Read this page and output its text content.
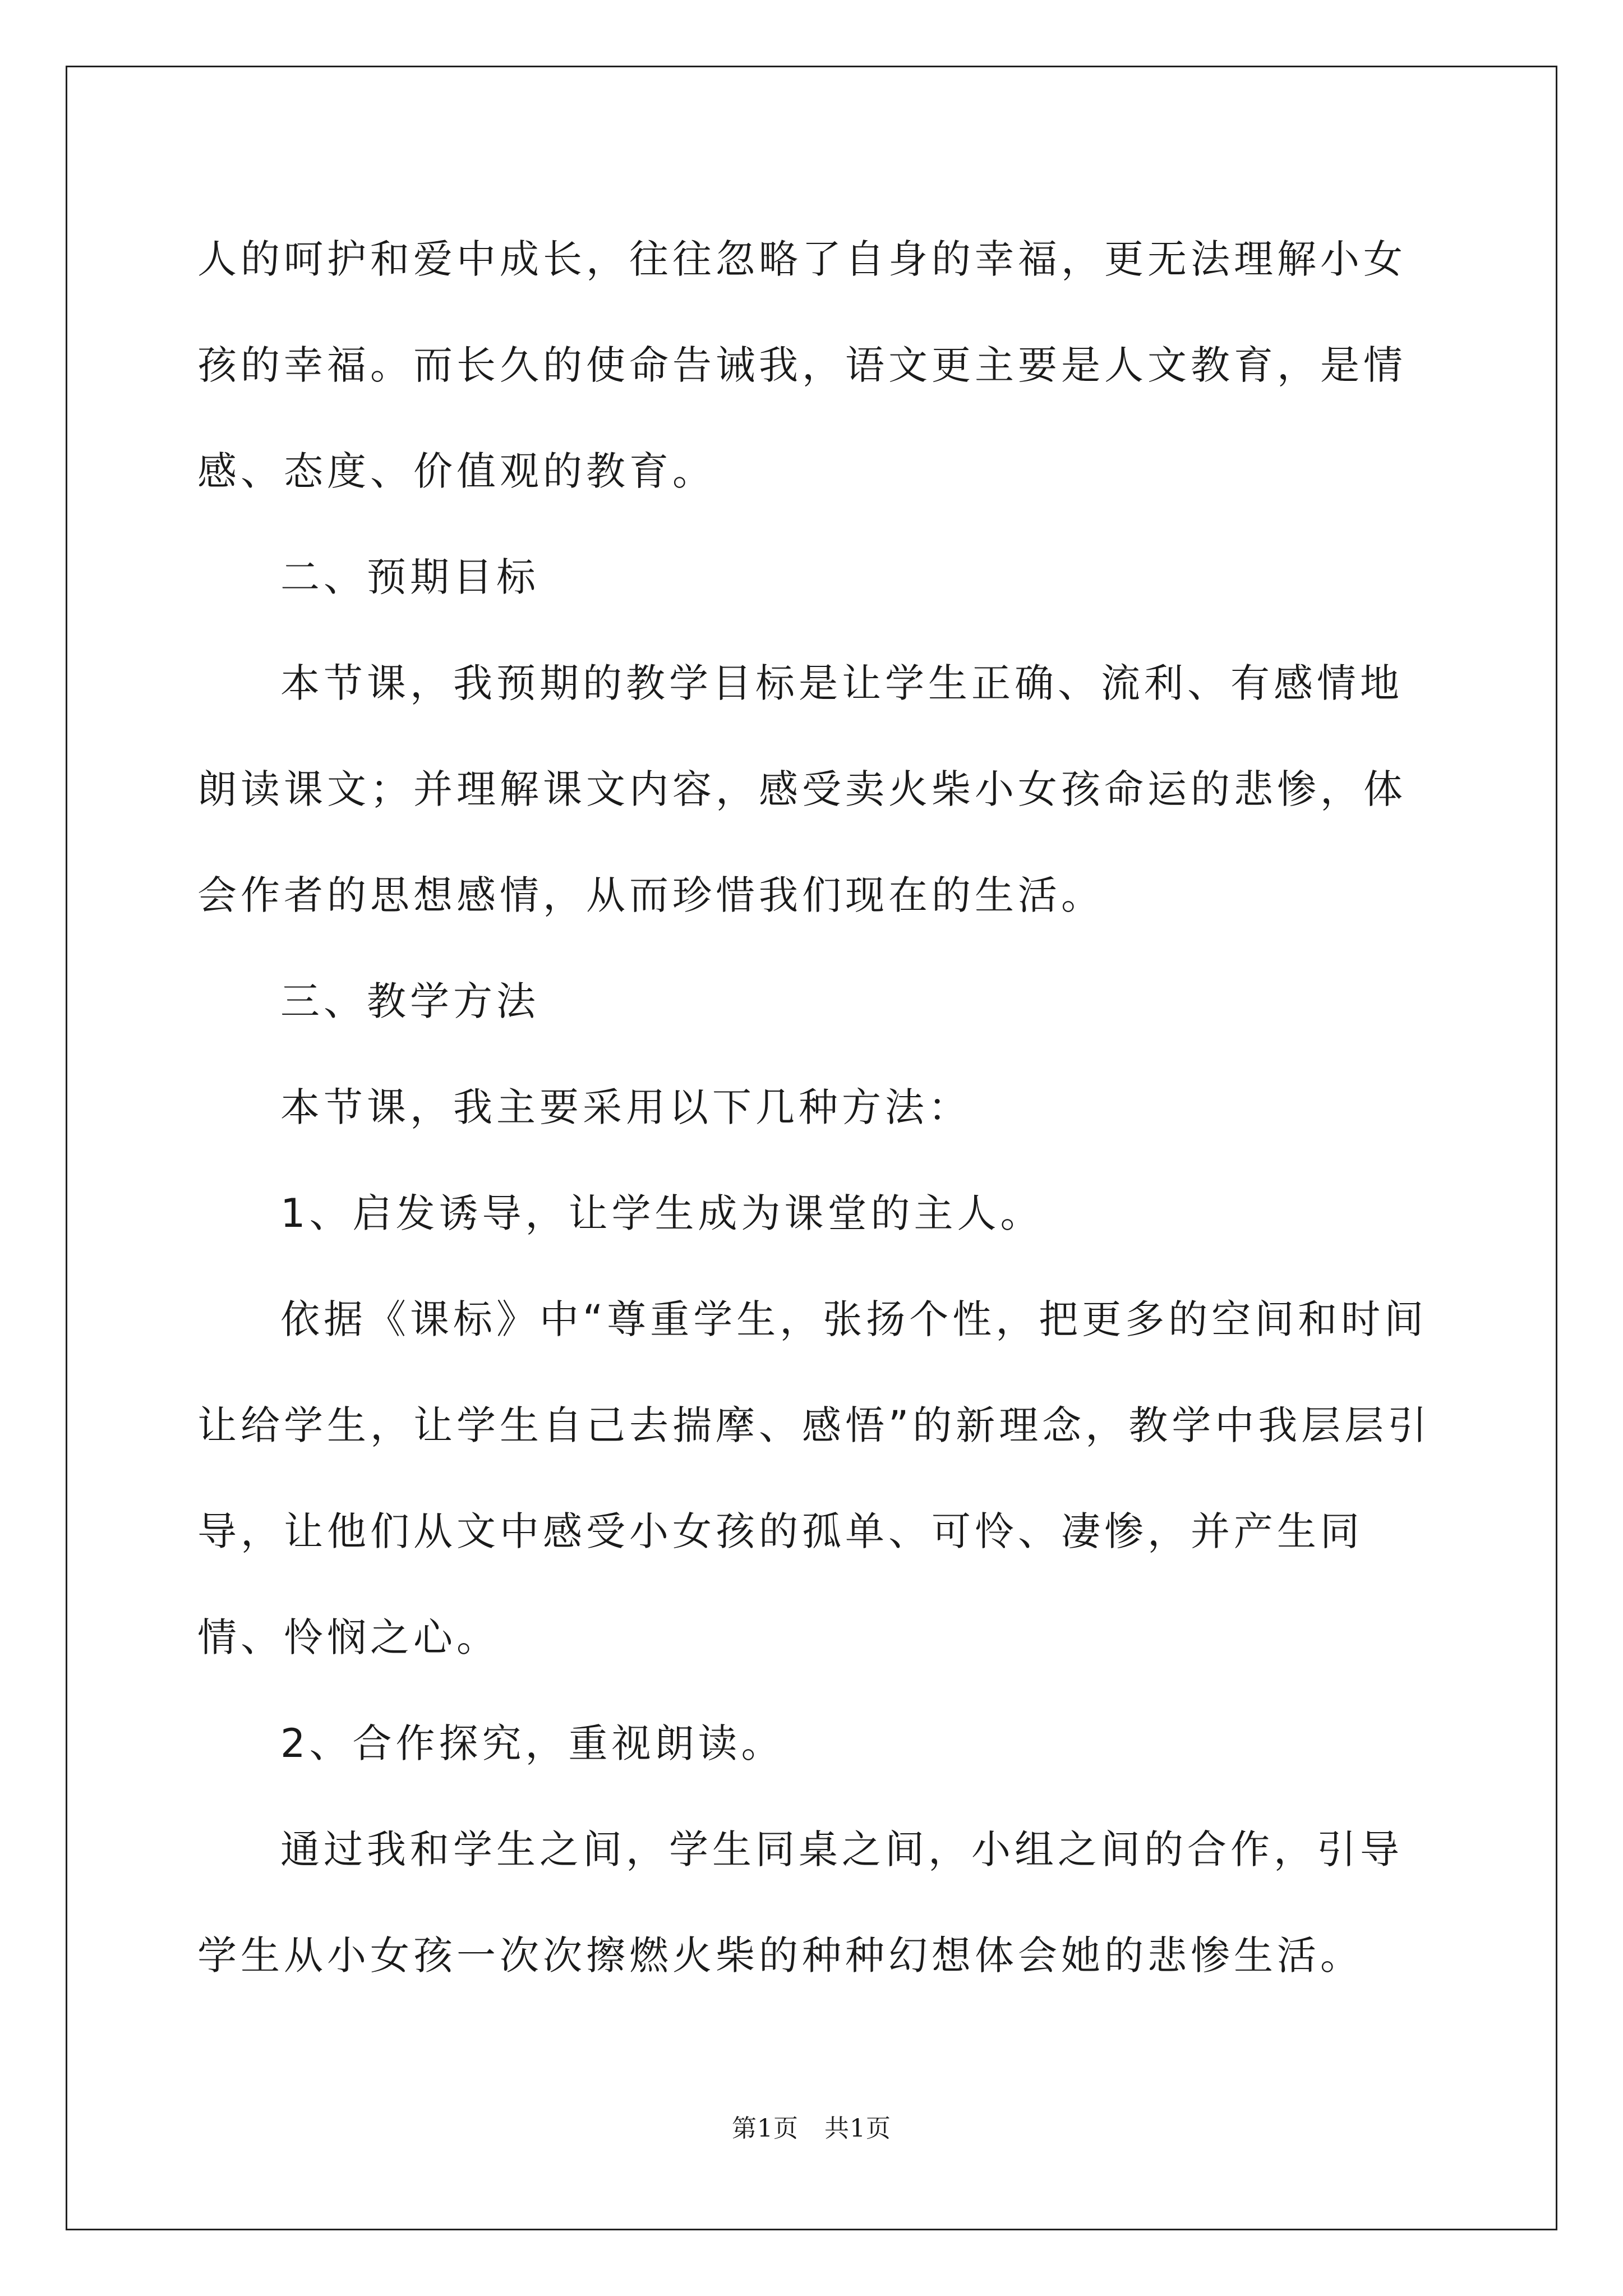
人的呵护和爱中成长，往往忽略了自身的幸福，更无法理解小女孩的幸福。而长久的使命告诫我，语文更主要是人文教育，是情感、态度、价值观的教育。

二、预期目标

本节课，我预期的教学目标是让学生正确、流利、有感情地朗读课文；并理解课文内容，感受卖火柴小女孩命运的悲惨，体会作者的思想感情，从而珍惜我们现在的生活。

三、教学方法

本节课，我主要采用以下几种方法：

1、启发诱导，让学生成为课堂的主人。

依据《课标》中“尊重学生，张扬个性，把更多的空间和时间让给学生，让学生自己去揣摩、感悟”的新理念，教学中我层层引导，让他们从文中感受小女孩的孤单、可怜、凄惨，并产生同情、怜悯之心。

2、合作探究，重视朗读。

通过我和学生之间，学生同桌之间，小组之间的合作，引导学生从小女孩一次次擦燃火柴的种种幻想体会她的悲惨生活。

第1页 共1页
